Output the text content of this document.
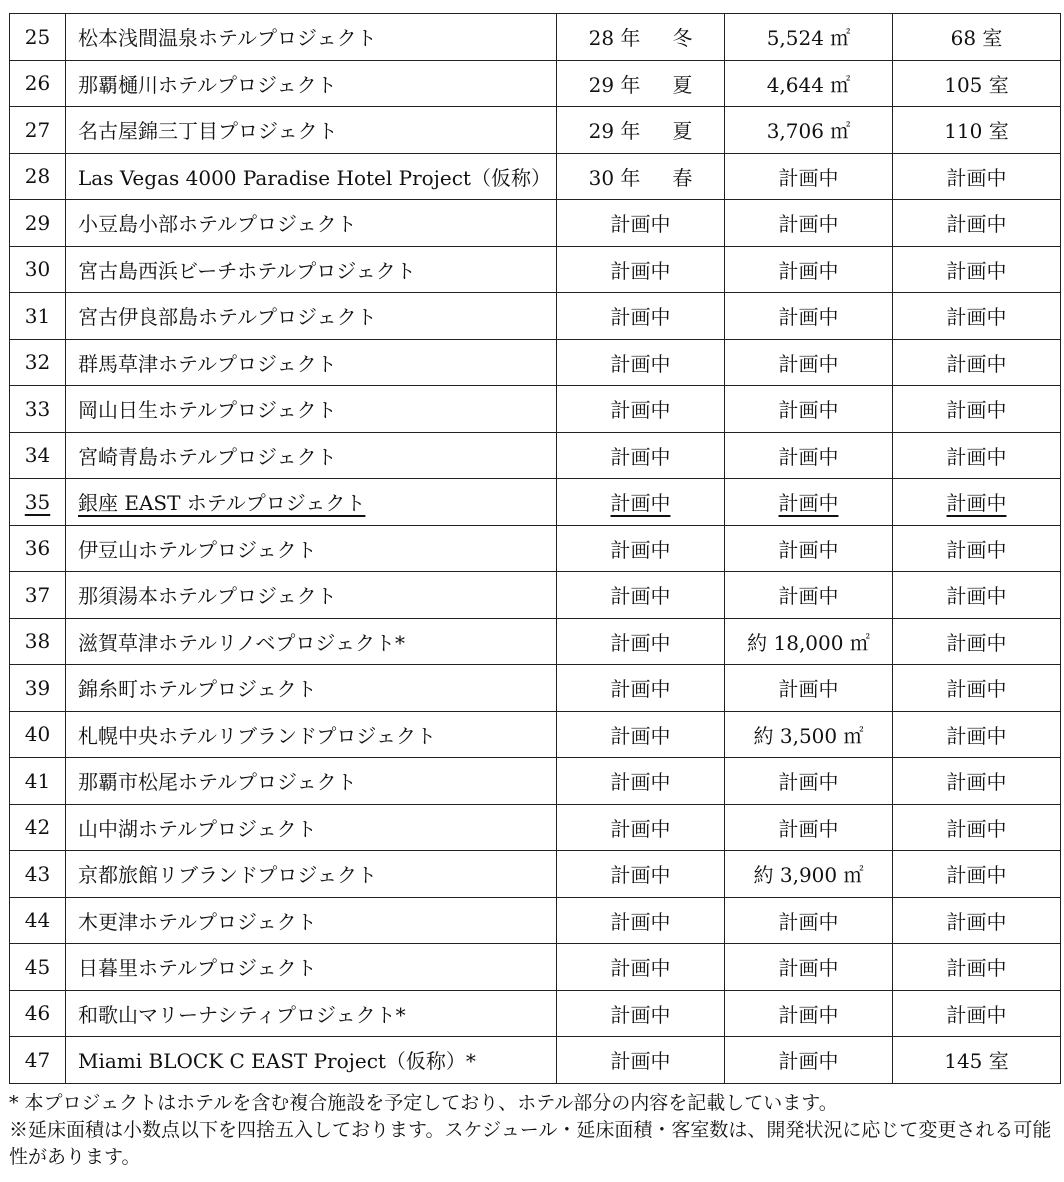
25	松本浅間温泉ホテルプロジェクト	28 年 冬	5,524 ㎡	68 室
26	那覇樋川ホテルプロジェクト	29 年 夏	4,644 ㎡	105 室
27	名古屋錦三丁目プロジェクト	29 年 夏	3,706 ㎡	110 室
28	Las Vegas 4000 Paradise Hotel Project（仮称）	30 年 春	計画中	計画中
29	小豆島小部ホテルプロジェクト	計画中	計画中	計画中
30	宮古島西浜ビーチホテルプロジェクト	計画中	計画中	計画中
31	宮古伊良部島ホテルプロジェクト	計画中	計画中	計画中
32	群馬草津ホテルプロジェクト	計画中	計画中	計画中
33	岡山日生ホテルプロジェクト	計画中	計画中	計画中
34	宮崎青島ホテルプロジェクト	計画中	計画中	計画中
35	銀座 EAST ホテルプロジェクト	計画中	計画中	計画中
36	伊豆山ホテルプロジェクト	計画中	計画中	計画中
37	那須湯本ホテルプロジェクト	計画中	計画中	計画中
38	滋賀草津ホテルリノベプロジェクト*	計画中	約 18,000 ㎡	計画中
39	錦糸町ホテルプロジェクト	計画中	計画中	計画中
40	札幌中央ホテルリブランドプロジェクト	計画中	約 3,500 ㎡	計画中
41	那覇市松尾ホテルプロジェクト	計画中	計画中	計画中
42	山中湖ホテルプロジェクト	計画中	計画中	計画中
43	京都旅館リブランドプロジェクト	計画中	約 3,900 ㎡	計画中
44	木更津ホテルプロジェクト	計画中	計画中	計画中
45	日暮里ホテルプロジェクト	計画中	計画中	計画中
46	和歌山マリーナシティプロジェクト*	計画中	計画中	計画中
47	Miami BLOCK C EAST Project（仮称）*	計画中	計画中	145 室

* 本プロジェクトはホテルを含む複合施設を予定しており、ホテル部分の内容を記載しています。

※延床面積は小数点以下を四捨五入しております。スケジュール・延床面積・客室数は、開発状況に応じて変更される可能性があります。
